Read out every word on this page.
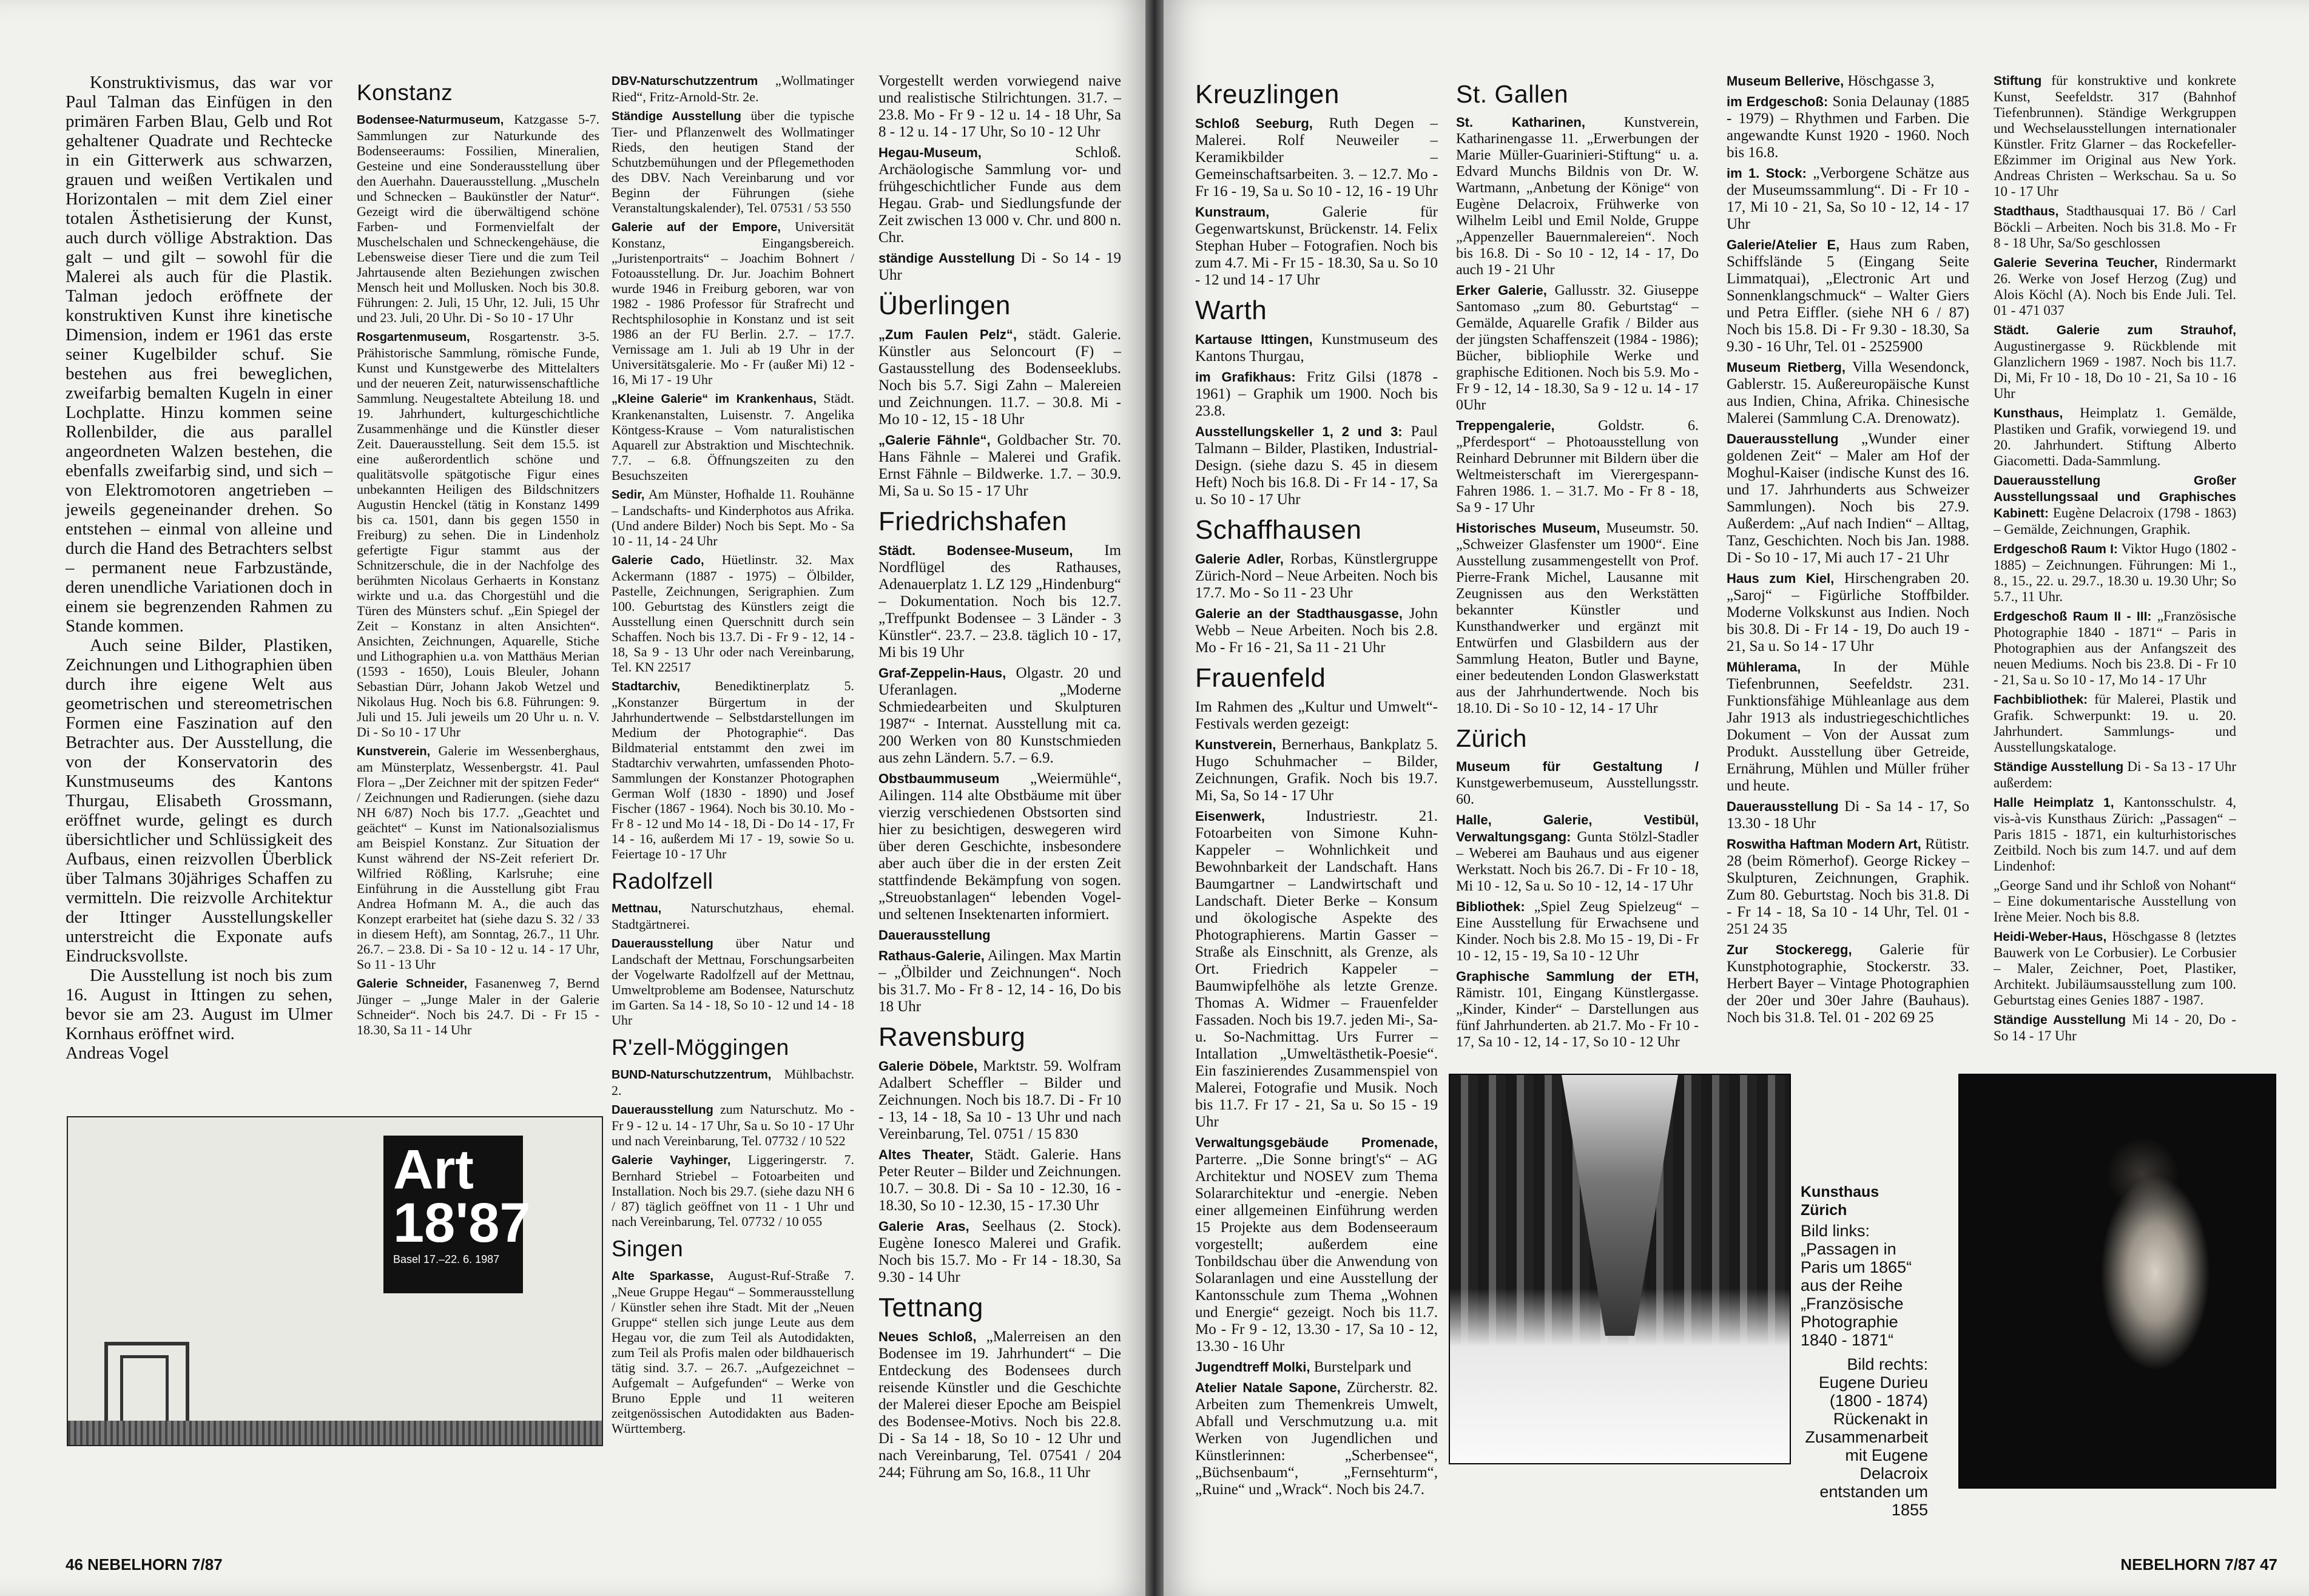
Konstruktivismus, das war vor Paul Talman das Einfügen in den primären Farben Blau, Gelb und Rot gehaltener Quadrate und Rechtecke in ein Gitterwerk aus schwarzen, grauen und weißen Vertikalen und Horizontalen – mit dem Ziel einer totalen Ästhetisierung der Kunst, auch durch völlige Abstraktion. Das galt – und gilt – sowohl für die Malerei als auch für die Plastik. Talman jedoch eröffnete der konstruktiven Kunst ihre kinetische Dimension, indem er 1961 das erste seiner Kugelbilder schuf. Sie bestehen aus frei beweglichen, zweifarbig bemalten Kugeln in einer Lochplatte. Hinzu kommen seine Rollenbilder, die aus parallel angeordneten Walzen bestehen, die ebenfalls zweifarbig sind, und sich – von Elektromotoren angetrieben – jeweils gegeneinander drehen. So entstehen – einmal von alleine und durch die Hand des Betrachters selbst – permanent neue Farbzustände, deren unendliche Variationen doch in einem sie begrenzenden Rahmen zu Stande kommen.

Auch seine Bilder, Plastiken, Zeichnungen und Lithographien üben durch ihre eigene Welt aus geometrischen und stereometrischen Formen eine Faszination auf den Betrachter aus. Der Ausstellung, die von der Konservatorin des Kunstmuseums des Kantons Thurgau, Elisabeth Grossmann, eröffnet wurde, gelingt es durch übersichtlicher und Schlüssigkeit des Aufbaus, einen reizvollen Überblick über Talmans 30jähriges Schaffen zu vermitteln. Die reizvolle Architektur der Ittinger Ausstellungskeller unterstreicht die Exponate aufs Eindrucksvollste.

Die Ausstellung ist noch bis zum 16. August in Ittingen zu sehen, bevor sie am 23. August im Ulmer Kornhaus eröffnet wird.

Andreas Vogel
Konstanz

Bodensee-Naturmuseum, Katzgasse 5-7. Sammlungen zur Naturkunde des Bodenseeraums: Fossilien, Mineralien, Gesteine und eine Sonderausstellung über den Auerhahn. Dauerausstellung. „Muscheln und Schnecken – Baukünstler der Natur“. Gezeigt wird die überwältigend schöne Farben- und Formenvielfalt der Muschelschalen und Schneckengehäuse, die Lebensweise dieser Tiere und die zum Teil Jahrtausende alten Beziehungen zwischen Mensch heit und Mollusken. Noch bis 30.8. Führungen: 2. Juli, 15 Uhr, 12. Juli, 15 Uhr und 23. Juli, 20 Uhr. Di - So 10 - 17 Uhr

Rosgartenmuseum, Rosgartenstr. 3-5. Prähistorische Sammlung, römische Funde, Kunst und Kunstgewerbe des Mittelalters und der neueren Zeit, naturwissenschaftliche Sammlung. Neugestaltete Abteilung 18. und 19. Jahrhundert, kulturgeschichtliche Zusammenhänge und die Künstler dieser Zeit. Dauerausstellung. Seit dem 15.5. ist eine außerordentlich schöne und qualitätsvolle spätgotische Figur eines unbekannten Heiligen des Bildschnitzers Augustin Henckel (tätig in Konstanz 1499 bis ca. 1501, dann bis gegen 1550 in Freiburg) zu sehen. Die in Lindenholz gefertigte Figur stammt aus der Schnitzerschule, die in der Nachfolge des berühmten Nicolaus Gerhaerts in Konstanz wirkte und u.a. das Chorgestühl und die Türen des Münsters schuf. „Ein Spiegel der Zeit – Konstanz in alten Ansichten“. Ansichten, Zeichnungen, Aquarelle, Stiche und Lithographien u.a. von Matthäus Merian (1593 - 1650), Louis Bleuler, Johann Sebastian Dürr, Johann Jakob Wetzel und Nikolaus Hug. Noch bis 6.8. Führungen: 9. Juli und 15. Juli jeweils um 20 Uhr u. n. V. Di - So 10 - 17 Uhr

Kunstverein, Galerie im Wessenberghaus, am Münsterplatz, Wessenbergstr. 41. Paul Flora – „Der Zeichner mit der spitzen Feder“ / Zeichnungen und Radierungen. (siehe dazu NH 6/87) Noch bis 17.7. „Geachtet und geächtet“ – Kunst im Nationalsozialismus am Beispiel Konstanz. Zur Situation der Kunst während der NS-Zeit referiert Dr. Wilfried Rößling, Karlsruhe; eine Einführung in die Ausstellung gibt Frau Andrea Hofmann M. A., die auch das Konzept erarbeitet hat (siehe dazu S. 32 / 33 in diesem Heft), am Sonntag, 26.7., 11 Uhr. 26.7. – 23.8. Di - Sa 10 - 12 u. 14 - 17 Uhr, So 11 - 13 Uhr

Galerie Schneider, Fasanenweg 7, Bernd Jünger – „Junge Maler in der Galerie Schneider“. Noch bis 24.7. Di - Fr 15 - 18.30, Sa 11 - 14 Uhr

DBV-Naturschutzzentrum „Wollmatinger Ried“, Fritz-Arnold-Str. 2e.

Ständige Ausstellung über die typische Tier- und Pflanzenwelt des Wollmatinger Rieds, den heutigen Stand der Schutzbemühungen und der Pflegemethoden des DBV. Nach Vereinbarung und vor Beginn der Führungen (siehe Veranstaltungskalender), Tel. 07531 / 53 550

Galerie auf der Empore, Universität Konstanz, Eingangsbereich. „Juristenportraits“ – Joachim Bohnert / Fotoausstellung. Dr. Jur. Joachim Bohnert wurde 1946 in Freiburg geboren, war von 1982 - 1986 Professor für Strafrecht und Rechtsphilosophie in Konstanz und ist seit 1986 an der FU Berlin. 2.7. – 17.7. Vernissage am 1. Juli ab 19 Uhr in der Universitätsgalerie. Mo - Fr (außer Mi) 12 - 16, Mi 17 - 19 Uhr

„Kleine Galerie“ im Krankenhaus, Städt. Krankenanstalten, Luisenstr. 7. Angelika Köntgess-Krause – Vom naturalistischen Aquarell zur Abstraktion und Mischtechnik. 7.7. – 6.8. Öffnungszeiten zu den Besuchszeiten

Sedir, Am Münster, Hofhalde 11. Rouhänne – Landschafts- und Kinderphotos aus Afrika. (Und andere Bilder) Noch bis Sept. Mo - Sa 10 - 11, 14 - 24 Uhr

Galerie Cado, Hüetlinstr. 32. Max Ackermann (1887 - 1975) – Ölbilder, Pastelle, Zeichnungen, Serigraphien. Zum 100. Geburtstag des Künstlers zeigt die Ausstellung einen Querschnitt durch sein Schaffen. Noch bis 13.7. Di - Fr 9 - 12, 14 - 18, Sa 9 - 13 Uhr oder nach Vereinbarung, Tel. KN 22517

Stadtarchiv,	Benediktinerplatz 5. „Konstanzer Bürgertum in der Jahrhundertwende – Selbstdarstellungen im Medium der Photographie“. Das Bildmaterial entstammt den zwei im Stadtarchiv verwahrten, umfassenden Photo-Sammlungen der Konstanzer Photographen German Wolf (1830 - 1890) und Josef Fischer (1867 - 1964). Noch bis 30.10. Mo - Fr 8 - 12 und Mo 14 - 18, Di - Do 14 - 17, Fr 14 - 16, außerdem Mi 17 - 19, sowie So u. Feiertage 10 - 17 Uhr

Radolfzell

Mettnau, Naturschutzhaus, ehemal. Stadtgärtnerei.

Dauerausstellung über Natur und Landschaft der Mettnau, Forschungsarbeiten der Vogelwarte Radolfzell auf der Mettnau, Umweltprobleme am Bodensee, Naturschutz im Garten. Sa 14 - 18, So 10 - 12 und 14 - 18 Uhr

R'zell-Möggingen

BUND-Naturschutzzentrum, Mühlbachstr. 2.

Dauerausstellung zum Naturschutz. Mo - Fr 9 - 12 u. 14 - 17 Uhr, Sa u. So 10 - 17 Uhr und nach Vereinbarung, Tel. 07732 / 10 522

Galerie Vayhinger, Liggeringerstr. 7. Bernhard Striebel – Fotoarbeiten und Installation. Noch bis 29.7. (siehe dazu NH 6 / 87) täglich geöffnet von 11 - 1 Uhr und nach Vereinbarung, Tel. 07732 / 10 055

Singen

Alte Sparkasse, August-Ruf-Straße 7. „Neue Gruppe Hegau“ – Sommerausstellung / Künstler sehen ihre Stadt. Mit der „Neuen Gruppe“ stellen sich junge Leute aus dem Hegau vor, die zum Teil als Autodidakten, zum Teil als Profis malen oder bildhauerisch tätig sind. 3.7. – 26.7. „Aufgezeichnet – Aufgemalt – Aufgefunden“ – Werke von Bruno Epple und 11 weiteren zeitgenössischen Autodidakten aus Baden-Württemberg.

Vorgestellt werden vorwiegend naive und realistische Stilrichtungen. 31.7. – 23.8. Mo - Fr 9 - 12 u. 14 - 18 Uhr, Sa 8 - 12 u. 14 - 17 Uhr, So 10 - 12 Uhr

Hegau-Museum,	Schloß. Archäologische Sammlung vor- und frühgeschichtlicher Funde aus dem Hegau. Grab- und Siedlungsfunde der Zeit zwischen 13 000 v. Chr. und 800 n. Chr.

ständige Ausstellung Di - So 14 - 19 Uhr

Überlingen

„Zum Faulen Pelz“, städt. Galerie. Künstler aus Seloncourt (F) – Gastausstellung des Bodenseeklubs. Noch bis 5.7. Sigi Zahn – Malereien und Zeichnungen. 11.7. – 30.8. Mi - Mo 10 - 12, 15 - 18 Uhr

„Galerie Fähnle“, Goldbacher Str. 70. Hans Fähnle – Malerei und Grafik. Ernst Fähnle – Bildwerke. 1.7. – 30.9. Mi, Sa u. So 15 - 17 Uhr

Friedrichshafen

Städt. Bodensee-Museum, Im Nordflügel des Rathauses, Adenauerplatz 1. LZ 129 „Hindenburg“ – Dokumentation. Noch bis 12.7. „Treffpunkt Bodensee – 3 Länder - 3 Künstler“. 23.7. – 23.8. täglich 10 - 17, Mi bis 19 Uhr

Graf-Zeppelin-Haus, Olgastr. 20 und Uferanlagen. „Moderne Schmiedearbeiten und Skulpturen 1987“ - Internat. Ausstellung mit ca. 200 Werken von 80 Kunstschmieden aus zehn Ländern. 5.7. – 6.9.

Obstbaummuseum „Weiermühle“, Ailingen. 114 alte Obstbäume mit über vierzig verschiedenen Obstsorten sind hier zu besichtigen, deswegeren wird über deren Geschichte, insbesondere aber auch über die in der ersten Zeit stattfindende Bekämpfung von sogen. „Streuobstanlagen“ lebenden Vogel- und seltenen Insektenarten informiert.

Dauerausstellung

Rathaus-Galerie, Ailingen. Max Martin – „Ölbilder und Zeichnungen“. Noch bis 31.7. Mo - Fr 8 - 12, 14 - 16, Do bis 18 Uhr

Ravensburg

Galerie Döbele, Marktstr. 59. Wolfram Adalbert Scheffler – Bilder und Zeichnungen. Noch bis 18.7. Di - Fr 10 - 13, 14 - 18, Sa 10 - 13 Uhr und nach Vereinbarung, Tel. 0751 / 15 830

Altes Theater, Städt. Galerie. Hans Peter Reuter – Bilder und Zeichnungen. 10.7. – 30.8. Di - Sa 10 - 12.30, 16 - 18.30, So 10 - 12.30, 15 - 17.30 Uhr

Galerie Aras, Seelhaus (2. Stock). Eugène Ionesco Malerei und Grafik. Noch bis 15.7. Mo - Fr 14 - 18.30, Sa 9.30 - 14 Uhr

Tettnang

Neues Schloß, „Malerreisen an den Bodensee im 19. Jahrhundert“ – Die Entdeckung des Bodensees durch reisende Künstler und die Geschichte der Malerei dieser Epoche am Beispiel des Bodensee-Motivs. Noch bis 22.8. Di - Sa 14 - 18, So 10 - 12 Uhr und nach Vereinbarung, Tel. 07541 / 204 244; Führung am So, 16.8., 11 Uhr

Art 18'87
Basel 17.–22. 6. 1987
46 NEBELHORN 7/87
Kreuzlingen

Schloß Seeburg, Ruth Degen – Malerei. Rolf Neuweiler – Keramikbilder – Gemeinschaftsarbeiten. 3. – 12.7. Mo - Fr 16 - 19, Sa u. So 10 - 12, 16 - 19 Uhr

Kunstraum,	Galerie für Gegenwartskunst, Brückenstr. 14. Felix Stephan Huber – Fotografien. Noch bis zum 4.7. Mi - Fr 15 - 18.30, Sa u. So 10 - 12 und 14 - 17 Uhr

Warth

Kartause Ittingen, Kunstmuseum des Kantons Thurgau,

im Grafikhaus: Fritz Gilsi (1878 - 1961) – Graphik um 1900. Noch bis 23.8.

Ausstellungskeller 1, 2 und 3: Paul Talmann – Bilder, Plastiken, Industrial-Design. (siehe dazu S. 45 in diesem Heft) Noch bis 16.8. Di - Fr 14 - 17, Sa u. So 10 - 17 Uhr

Schaffhausen

Galerie Adler, Rorbas, Künstlergruppe Zürich-Nord – Neue Arbeiten. Noch bis 17.7. Mo - So 11 - 23 Uhr

Galerie an der Stadthausgasse, John Webb – Neue Arbeiten. Noch bis 2.8. Mo - Fr 16 - 21, Sa 11 - 21 Uhr

Frauenfeld

Im Rahmen des „Kultur und Umwelt“-Festivals werden gezeigt:

Kunstverein, Bernerhaus, Bankplatz 5. Hugo Schuhmacher – Bilder, Zeichnungen, Grafik. Noch bis 19.7. Mi, Sa, So 14 - 17 Uhr

Eisenwerk,	Industriestr. 21. Fotoarbeiten von Simone Kuhn-Kappeler – Wohnlichkeit und Bewohnbarkeit der Landschaft. Hans Baumgartner – Landwirtschaft und Landschaft. Dieter Berke – Konsum und ökologische Aspekte des Photographierens. Martin Gasser – Straße als Einschnitt, als Grenze, als Ort. Friedrich Kappeler – Baumwipfelhöhe als letzte Grenze. Thomas A. Widmer – Frauenfelder Fassaden. Noch bis 19.7. jeden Mi-, Sa- u. So-Nachmittag. Urs Furrer – Intallation „Umweltästhetik-Poesie“. Ein faszinierendes Zusammenspiel von Malerei, Fotografie und Musik. Noch bis 11.7. Fr 17 - 21, Sa u. So 15 - 19 Uhr

Verwaltungsgebäude Promenade, Parterre. „Die Sonne bringt's“ – AG Architektur und NOSEV zum Thema Solararchitektur und -energie. Neben einer allgemeinen Einführung werden 15 Projekte aus dem Bodenseeraum vorgestellt; außerdem eine Tonbildschau über die Anwendung von Solaranlagen und eine Ausstellung der Kantonsschule zum Thema „Wohnen und Energie“ gezeigt. Noch bis 11.7. Mo - Fr 9 - 12, 13.30 - 17, Sa 10 - 12, 13.30 - 16 Uhr

Jugendtreff Molki, Burstelpark und

Atelier Natale Sapone, Zürcherstr. 82. Arbeiten zum Themenkreis Umwelt, Abfall und Verschmutzung u.a. mit Werken von Jugendlichen und Künstlerinnen: „Scherbensee“, „Büchsenbaum“, „Fernsehturm“, „Ruine“ und „Wrack“. Noch bis 24.7.

St. Gallen

St. Katharinen,	Kunstverein, Katharinengasse 11. „Erwerbungen der Marie Müller-Guarinieri-Stiftung“ u. a. Edvard Munchs Bildnis von Dr. W. Wartmann, „Anbetung der Könige“ von Eugène Delacroix, Frühwerke von Wilhelm Leibl und Emil Nolde, Gruppe „Appenzeller Bauernmalereien“. Noch bis 16.8. Di - So 10 - 12, 14 - 17, Do auch 19 - 21 Uhr

Erker Galerie, Gallusstr. 32. Giuseppe Santomaso „zum 80. Geburtstag“ – Gemälde, Aquarelle Grafik / Bilder aus der jüngsten Schaffenszeit (1984 - 1986); Bücher, bibliophile Werke und graphische Editionen. Noch bis 5.9. Mo - Fr 9 - 12, 14 - 18.30, Sa 9 - 12 u. 14 - 17 0Uhr

Treppengalerie,	Goldstr. 6. „Pferdesport“ – Photoausstellung von Reinhard Debrunner mit Bildern über die Weltmeisterschaft im Vierergespann-Fahren 1986. 1. – 31.7. Mo - Fr 8 - 18, Sa 9 - 17 Uhr

Historisches Museum, Museumstr. 50. „Schweizer Glasfenster um 1900“. Eine Ausstellung zusammengestellt von Prof. Pierre-Frank Michel, Lausanne mit Zeugnissen aus den Werkstätten bekannter Künstler und Kunsthandwerker und ergänzt mit Entwürfen und Glasbildern aus der Sammlung Heaton, Butler und Bayne, einer bedeutenden London Glaswerkstatt aus der Jahrhundertwende. Noch bis 18.10. Di - So 10 - 12, 14 - 17 Uhr

Zürich

Museum für Gestaltung / Kunstgewerbemuseum, Ausstellungsstr. 60.

Halle, Galerie, Vestibül, Verwaltungsgang: Gunta Stölzl-Stadler – Weberei am Bauhaus und aus eigener Werkstatt. Noch bis 26.7. Di - Fr 10 - 18, Mi 10 - 12, Sa u. So 10 - 12, 14 - 17 Uhr

Bibliothek: „Spiel Zeug Spielzeug“ – Eine Ausstellung für Erwachsene und Kinder. Noch bis 2.8. Mo 15 - 19, Di - Fr 10 - 12, 15 - 19, Sa 10 - 12 Uhr

Graphische Sammlung der ETH, Rämistr. 101, Eingang Künstlergasse. „Kinder, Kinder“ – Darstellungen aus fünf Jahrhunderten. ab 21.7. Mo - Fr 10 - 17, Sa 10 - 12, 14 - 17, So 10 - 12 Uhr

Museum Bellerive, Höschgasse 3,

im Erdgeschoß: Sonia Delaunay (1885 - 1979) – Rhythmen und Farben. Die angewandte Kunst 1920 - 1960. Noch bis 16.8.

im 1. Stock: „Verborgene Schätze aus der Museumssammlung“. Di - Fr 10 - 17, Mi 10 - 21, Sa, So 10 - 12, 14 - 17 Uhr

Galerie/Atelier E, Haus zum Raben, Schiffslände 5 (Eingang Seite Limmatquai), „Electronic Art und Sonnenklangschmuck“ – Walter Giers und Petra Eiffler. (siehe NH 6 / 87) Noch bis 15.8. Di - Fr 9.30 - 18.30, Sa 9.30 - 16 Uhr, Tel. 01 - 2525900

Museum Rietberg, Villa Wesendonck, Gablerstr. 15. Außereuropäische Kunst aus Indien, China, Afrika. Chinesische Malerei (Sammlung C.A. Drenowatz).

Dauerausstellung „Wunder einer goldenen Zeit“ – Maler am Hof der Moghul-Kaiser (indische Kunst des 16. und 17. Jahrhunderts aus Schweizer Sammlungen). Noch bis 27.9. Außerdem: „Auf nach Indien“ – Alltag, Tanz, Geschichten. Noch bis Jan. 1988. Di - So 10 - 17, Mi auch 17 - 21 Uhr

Haus zum Kiel, Hirschengraben 20. „Saroj“ – Figürliche Stoffbilder. Moderne Volkskunst aus Indien. Noch bis 30.8. Di - Fr 14 - 19, Do auch 19 - 21, Sa u. So 14 - 17 Uhr

Mühlerama, In der Mühle Tiefenbrunnen, Seefeldstr. 231. Funktionsfähige Mühleanlage aus dem Jahr 1913 als industriegeschichtliches Dokument – Von der Aussat zum Produkt. Ausstellung über Getreide, Ernährung, Mühlen und Müller früher und heute.

Dauerausstellung Di - Sa 14 - 17, So 13.30 - 18 Uhr

Roswitha Haftman Modern Art, Rütistr. 28 (beim Römerhof). George Rickey – Skulpturen, Zeichnungen, Graphik. Zum 80. Geburtstag. Noch bis 31.8. Di - Fr 14 - 18, Sa 10 - 14 Uhr, Tel. 01 - 251 24 35

Zur Stockeregg, Galerie für Kunstphotographie, Stockerstr. 33. Herbert Bayer – Vintage Photographien der 20er und 30er Jahre (Bauhaus). Noch bis 31.8. Tel. 01 - 202 69 25

Stiftung für konstruktive und konkrete Kunst, Seefeldstr. 317 (Bahnhof Tiefenbrunnen). Ständige Werkgruppen und Wechselausstellungen internationaler Künstler. Fritz Glarner – das Rockefeller-Eßzimmer im Original aus New York. Andreas Christen – Werkschau. Sa u. So 10 - 17 Uhr

Stadthaus, Stadthausquai 17. Bö / Carl Böckli – Arbeiten. Noch bis 31.8. Mo - Fr 8 - 18 Uhr, Sa/So geschlossen

Galerie Severina Teucher, Rindermarkt 26. Werke von Josef Herzog (Zug) und Alois Köchl (A). Noch bis Ende Juli. Tel. 01 - 471 037

Städt. Galerie zum Strauhof, Augustinergasse 9. Rückblende mit Glanzlichern 1969 - 1987. Noch bis 11.7. Di, Mi, Fr 10 - 18, Do 10 - 21, Sa 10 - 16 Uhr

Kunsthaus, Heimplatz 1. Gemälde, Plastiken und Grafik, vorwiegend 19. und 20. Jahrhundert. Stiftung Alberto Giacometti. Dada-Sammlung.

Dauerausstellung Großer Ausstellungssaal und Graphisches Kabinett: Eugène Delacroix (1798 - 1863) – Gemälde, Zeichnungen, Graphik.

Erdgeschoß Raum I: Viktor Hugo (1802 - 1885) – Zeichnungen. Führungen: Mi 1., 8., 15., 22. u. 29.7., 18.30 u. 19.30 Uhr; So 5.7., 11 Uhr.

Erdgeschoß Raum II - III: „Französische Photographie 1840 - 1871“ – Paris in Photographien aus der Anfangszeit des neuen Mediums. Noch bis 23.8. Di - Fr 10 - 21, Sa u. So 10 - 17, Mo 14 - 17 Uhr

Fachbibliothek: für Malerei, Plastik und Grafik. Schwerpunkt: 19. u. 20. Jahrhundert. Sammlungs- und Ausstellungskataloge.

Ständige Ausstellung Di - Sa 13 - 17 Uhr außerdem:

Halle Heimplatz 1, Kantonsschulstr. 4, vis-à-vis Kunsthaus Zürich: „Passagen“ – Paris 1815 - 1871, ein kulturhistorisches Zeitbild. Noch bis zum 14.7. und auf dem Lindenhof:

„George Sand und ihr Schloß von Nohant“ – Eine dokumentarische Ausstellung von Irène Meier. Noch bis 8.8.

Heidi-Weber-Haus, Höschgasse 8 (letztes Bauwerk von Le Corbusier). Le Corbusier – Maler, Zeichner, Poet, Plastiker, Architekt. Jubiläumsausstellung zum 100. Geburtstag eines Genies 1887 - 1987.

Ständige Ausstellung Mi 14 - 20, Do - So 14 - 17 Uhr

Kunsthaus Zürich
Bild links: „Passagen in Paris um 1865“ aus der Reihe „Französische Photographie 1840 - 1871“
Bild rechts: Eugene Durieu (1800 - 1874) Rückenakt in Zusammenarbeit mit Eugene Delacroix entstanden um 1855
NEBELHORN 7/87 47
